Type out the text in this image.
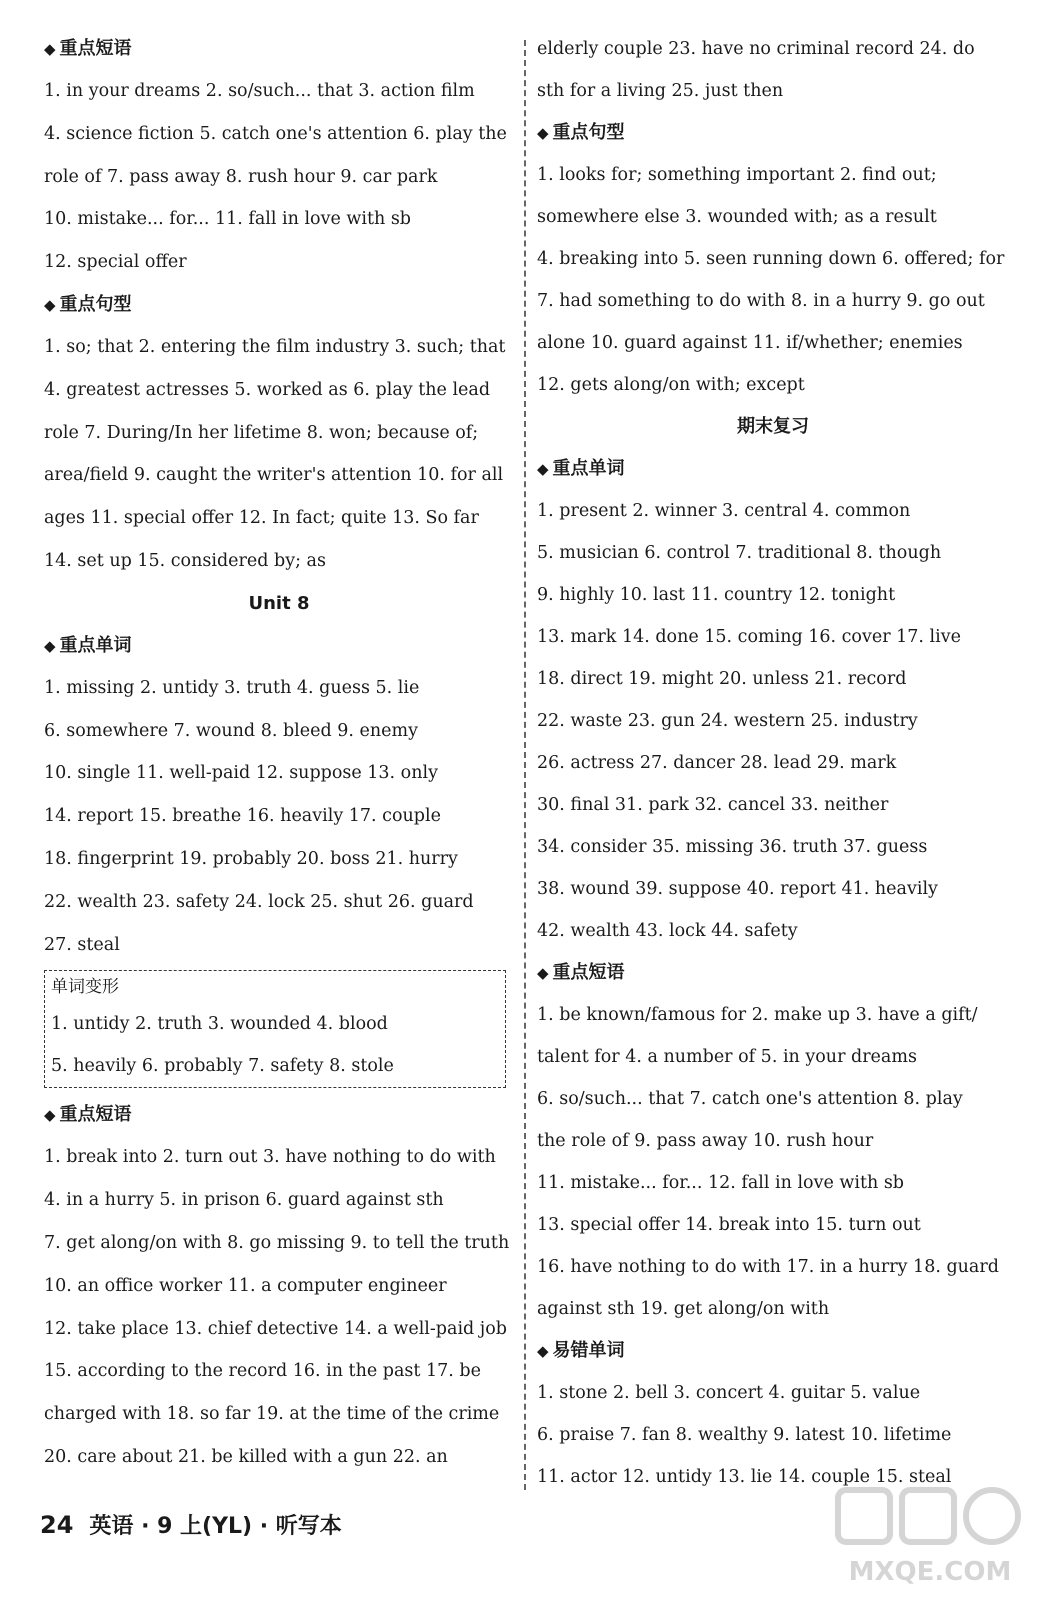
◆ 重点短语
1. in your dreams 2. so/such... that 3. action film
4. science fiction 5. catch one's attention 6. play the
role of 7. pass away 8. rush hour 9. car park
10. mistake... for... 11. fall in love with sb
12. special offer
◆ 重点句型
1. so; that 2. entering the film industry 3. such; that
4. greatest actresses 5. worked as 6. play the lead
role 7. During/In her lifetime 8. won; because of;
area/field 9. caught the writer's attention 10. for all
ages 11. special offer 12. In fact; quite 13. So far
14. set up 15. considered by; as
Unit 8
◆ 重点单词
1. missing 2. untidy 3. truth 4. guess 5. lie
6. somewhere 7. wound 8. bleed 9. enemy
10. single 11. well-paid 12. suppose 13. only
14. report 15. breathe 16. heavily 17. couple
18. fingerprint 19. probably 20. boss 21. hurry
22. wealth 23. safety 24. lock 25. shut 26. guard
27. steal
单词变形
1. untidy 2. truth 3. wounded 4. blood
5. heavily 6. probably 7. safety 8. stole
◆ 重点短语
1. break into 2. turn out 3. have nothing to do with
4. in a hurry 5. in prison 6. guard against sth
7. get along/on with 8. go missing 9. to tell the truth
10. an office worker 11. a computer engineer
12. take place 13. chief detective 14. a well-paid job
15. according to the record 16. in the past 17. be
charged with 18. so far 19. at the time of the crime
20. care about 21. be killed with a gun 22. an
elderly couple 23. have no criminal record 24. do
sth for a living 25. just then
◆ 重点句型
1. looks for; something important 2. find out;
somewhere else 3. wounded with; as a result
4. breaking into 5. seen running down 6. offered; for
7. had something to do with 8. in a hurry 9. go out
alone 10. guard against 11. if/whether; enemies
12. gets along/on with; except
期末复习
◆ 重点单词
1. present 2. winner 3. central 4. common
5. musician 6. control 7. traditional 8. though
9. highly 10. last 11. country 12. tonight
13. mark 14. done 15. coming 16. cover 17. live
18. direct 19. might 20. unless 21. record
22. waste 23. gun 24. western 25. industry
26. actress 27. dancer 28. lead 29. mark
30. final 31. park 32. cancel 33. neither
34. consider 35. missing 36. truth 37. guess
38. wound 39. suppose 40. report 41. heavily
42. wealth 43. lock 44. safety
◆ 重点短语
1. be known/famous for 2. make up 3. have a gift/
talent for 4. a number of 5. in your dreams
6. so/such... that 7. catch one's attention 8. play
the role of 9. pass away 10. rush hour
11. mistake... for... 12. fall in love with sb
13. special offer 14. break into 15. turn out
16. have nothing to do with 17. in a hurry 18. guard
against sth 19. get along/on with
◆ 易错单词
1. stone 2. bell 3. concert 4. guitar 5. value
6. praise 7. fan 8. wealthy 9. latest 10. lifetime
11. actor 12. untidy 13. lie 14. couple 15. steal
24 英语 · 9 上(YL) · 听写本
MXQE.COM
